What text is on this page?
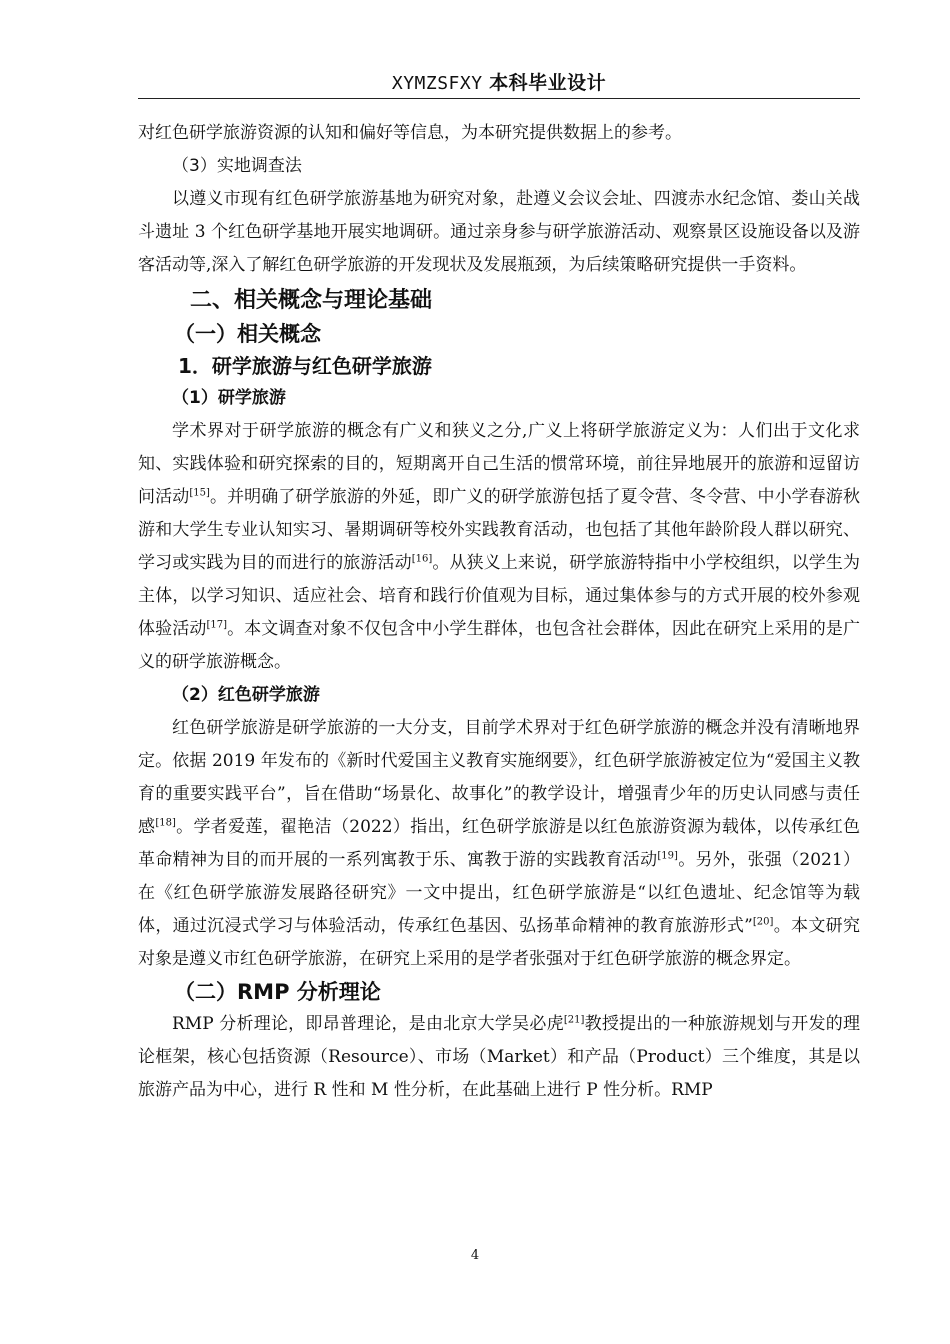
XYMZSFXY 本科毕业设计

对红色研学旅游资源的认知和偏好等信息，为本研究提供数据上的参考。

（3）实地调查法

以遵义市现有红色研学旅游基地为研究对象，赴遵义会议会址、四渡赤水纪念馆、娄山关战斗遗址 3 个红色研学基地开展实地调研。通过亲身参与研学旅游活动、观察景区设施设备以及游客活动等,深入了解红色研学旅游的开发现状及发展瓶颈，为后续策略研究提供一手资料。

二、相关概念与理论基础
（一）相关概念
1．研学旅游与红色研学旅游
（1）研学旅游

学术界对于研学旅游的概念有广义和狭义之分,广义上将研学旅游定义为：人们出于文化求知、实践体验和研究探索的目的，短期离开自己生活的惯常环境，前往异地展开的旅游和逗留访问活动[15]。并明确了研学旅游的外延，即广义的研学旅游包括了夏令营、冬令营、中小学春游秋游和大学生专业认知实习、暑期调研等校外实践教育活动，也包括了其他年龄阶段人群以研究、学习或实践为目的而进行的旅游活动[16]。从狭义上来说，研学旅游特指中小学校组织，以学生为主体，以学习知识、适应社会、培育和践行价值观为目标，通过集体参与的方式开展的校外参观体验活动[17]。本文调查对象不仅包含中小学生群体，也包含社会群体，因此在研究上采用的是广义的研学旅游概念。

（2）红色研学旅游

红色研学旅游是研学旅游的一大分支，目前学术界对于红色研学旅游的概念并没有清晰地界定。依据 2019 年发布的《新时代爱国主义教育实施纲要》，红色研学旅游被定位为“爱国主义教育的重要实践平台”，旨在借助“场景化、故事化”的教学设计，增强青少年的历史认同感与责任感[18]。学者爱莲，翟艳洁（2022）指出，红色研学旅游是以红色旅游资源为载体，以传承红色革命精神为目的而开展的一系列寓教于乐、寓教于游的实践教育活动[19]。另外，张强（2021）在《红色研学旅游发展路径研究》一文中提出，红色研学旅游是“以红色遗址、纪念馆等为载体，通过沉浸式学习与体验活动，传承红色基因、弘扬革命精神的教育旅游形式”[20]。本文研究对象是遵义市红色研学旅游，在研究上采用的是学者张强对于红色研学旅游的概念界定。

（二）RMP 分析理论

RMP 分析理论，即昂普理论，是由北京大学吴必虎[21]教授提出的一种旅游规划与开发的理论框架，核心包括资源（Resource）、市场（Market）和产品（Product）三个维度，其是以旅游产品为中心，进行 R 性和 M 性分析，在此基础上进行 P 性分析。RMP

4
